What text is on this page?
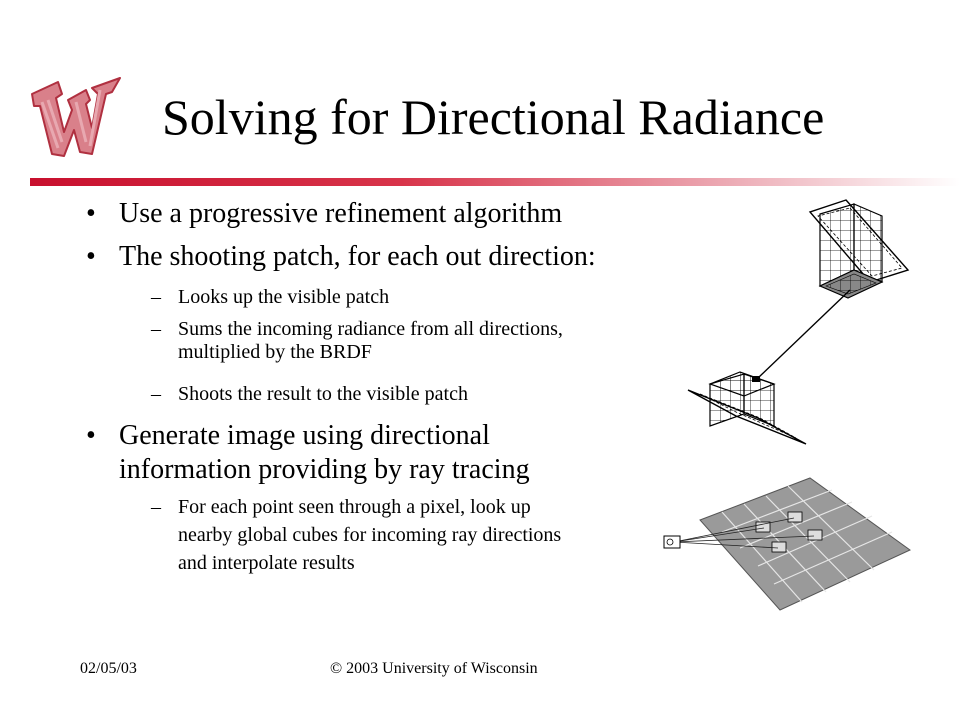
Solving for Directional Radiance
• Use a progressive refinement algorithm
• The shooting patch, for each out direction:
– Looks up the visible patch
– Sums the incoming radiance from all directions,
multiplied by the BRDF
– Shoots the result to the visible patch
• Generate image using directional
information providing by ray tracing
– For each point seen through a pixel, look up
nearby global cubes for incoming ray directions
and interpolate results
02/05/03	© 2003 University of Wisconsin
